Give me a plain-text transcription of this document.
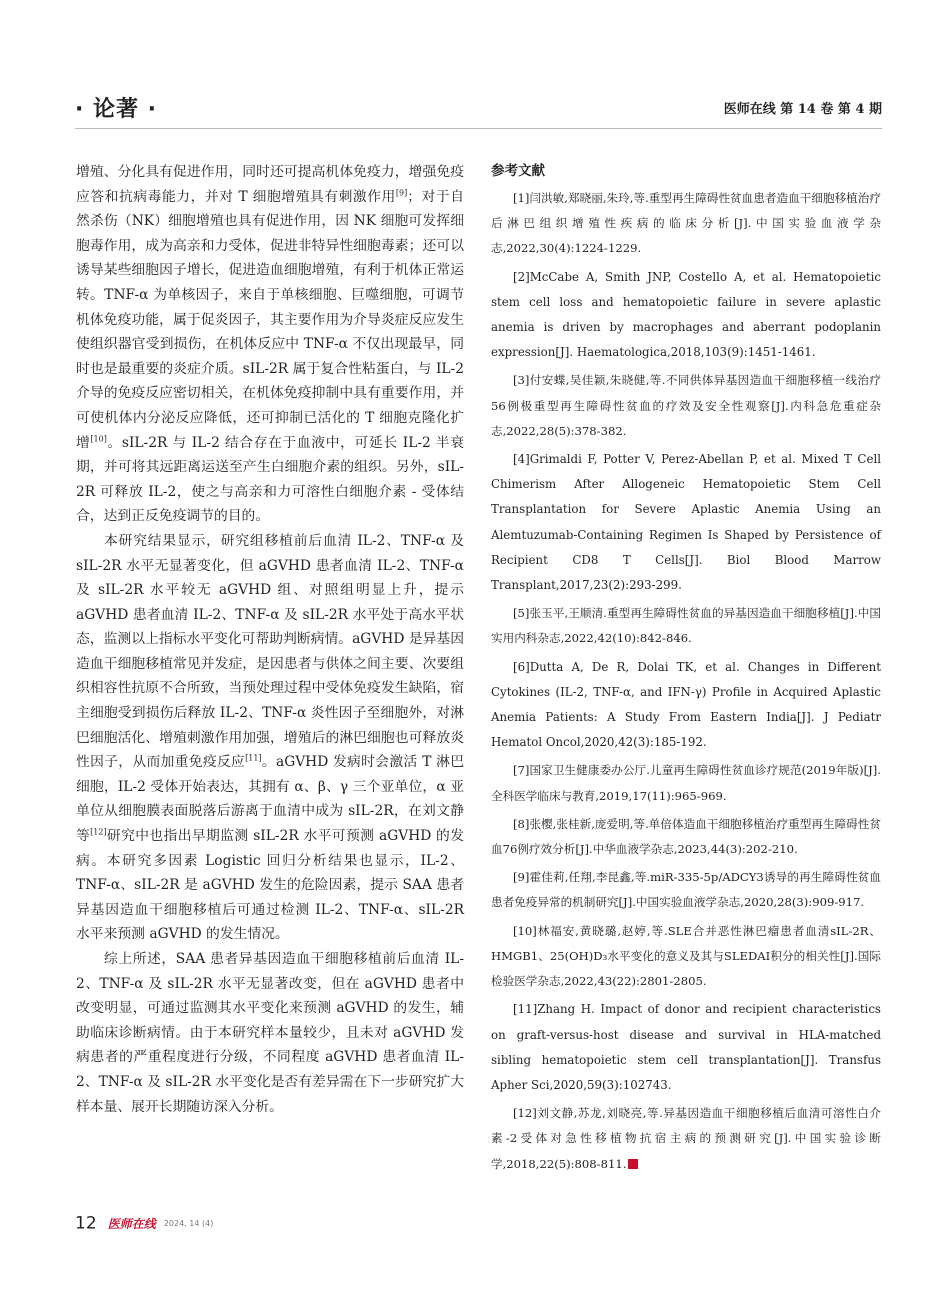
· 论著 ·	医师在线 第 14 卷 第 4 期

增殖、分化具有促进作用，同时还可提高机体免疫力，增强免疫应答和抗病毒能力，并对 T 细胞增殖具有刺激作用[9]；对于自然杀伤（NK）细胞增殖也具有促进作用，因 NK 细胞可发挥细胞毒作用，成为高亲和力受体，促进非特异性细胞毒素；还可以诱导某些细胞因子增长，促进造血细胞增殖，有利于机体正常运转。TNF-α 为单核因子，来自于单核细胞、巨噬细胞，可调节机体免疫功能，属于促炎因子，其主要作用为介导炎症反应发生使组织器官受到损伤，在机体反应中 TNF-α 不仅出现最早，同时也是最重要的炎症介质。sIL-2R 属于复合性粘蛋白，与 IL-2 介导的免疫反应密切相关，在机体免疫抑制中具有重要作用，并可使机体内分泌反应降低，还可抑制已活化的 T 细胞克隆化扩增[10]。sIL-2R 与 IL-2 结合存在于血液中，可延长 IL-2 半衰期，并可将其远距离运送至产生白细胞介素的组织。另外，sIL-2R 可释放 IL-2，使之与高亲和力可溶性白细胞介素 - 受体结合，达到正反免疫调节的目的。

本研究结果显示，研究组移植前后血清 IL-2、TNF-α 及 sIL-2R 水平无显著变化，但 aGVHD 患者血清 IL-2、TNF-α 及 sIL-2R 水平较无 aGVHD 组、对照组明显上升，提示 aGVHD 患者血清 IL-2、TNF-α 及 sIL-2R 水平处于高水平状态，监测以上指标水平变化可帮助判断病情。aGVHD 是异基因造血干细胞移植常见并发症，是因患者与供体之间主要、次要组织相容性抗原不合所致，当预处理过程中受体免疫发生缺陷，宿主细胞受到损伤后释放 IL-2、TNF-α 炎性因子至细胞外，对淋巴细胞活化、增殖刺激作用加强，增殖后的淋巴细胞也可释放炎性因子，从而加重免疫反应[11]。aGVHD 发病时会激活 T 淋巴细胞，IL-2 受体开始表达，其拥有 α、β、γ 三个亚单位，α 亚单位从细胞膜表面脱落后游离于血清中成为 sIL-2R，在刘文静等[12]研究中也指出早期监测 sIL-2R 水平可预测 aGVHD 的发病。本研究多因素 Logistic 回归分析结果也显示，IL-2、TNF-α、sIL-2R 是 aGVHD 发生的危险因素，提示 SAA 患者异基因造血干细胞移植后可通过检测 IL-2、TNF-α、sIL-2R 水平来预测 aGVHD 的发生情况。

综上所述，SAA 患者异基因造血干细胞移植前后血清 IL-2、TNF-α 及 sIL-2R 水平无显著改变，但在 aGVHD 患者中改变明显，可通过监测其水平变化来预测 aGVHD 的发生，辅助临床诊断病情。由于本研究样本量较少，且未对 aGVHD 发病患者的严重程度进行分级，不同程度 aGVHD 患者血清 IL-2、TNF-α 及 sIL-2R 水平变化是否有差异需在下一步研究扩大样本量、展开长期随访深入分析。

参考文献
[1]闫洪敏,郑晓丽,朱玲,等.重型再生障碍性贫血患者造血干细胞移植治疗后淋巴组织增殖性疾病的临床分析[J].中国实验血液学杂志,2022,30(4):1224-1229.
[2]McCabe A, Smith JNP, Costello A, et al. Hematopoietic stem cell loss and hematopoietic failure in severe aplastic anemia is driven by macrophages and aberrant podoplanin expression[J]. Haematologica,2018,103(9):1451-1461.
[3]付安蝶,吴佳颖,朱晓健,等.不同供体异基因造血干细胞移植一线治疗56例极重型再生障碍性贫血的疗效及安全性观察[J].内科急危重症杂志,2022,28(5):378-382.
[4]Grimaldi F, Potter V, Perez-Abellan P, et al. Mixed T Cell Chimerism After Allogeneic Hematopoietic Stem Cell Transplantation for Severe Aplastic Anemia Using an Alemtuzumab-Containing Regimen Is Shaped by Persistence of Recipient CD8 T Cells[J]. Biol Blood Marrow Transplant,2017,23(2):293-299.
[5]张玉平,王顺清.重型再生障碍性贫血的异基因造血干细胞移植[J].中国实用内科杂志,2022,42(10):842-846.
[6]Dutta A, De R, Dolai TK, et al. Changes in Different Cytokines (IL-2, TNF-α, and IFN-γ) Profile in Acquired Aplastic Anemia Patients: A Study From Eastern India[J]. J Pediatr Hematol Oncol,2020,42(3):185-192.
[7]国家卫生健康委办公厅.儿童再生障碍性贫血诊疗规范(2019年版)[J].全科医学临床与教育,2019,17(11):965-969.
[8]张樱,张桂新,庞爱明,等.单倍体造血干细胞移植治疗重型再生障碍性贫血76例疗效分析[J].中华血液学杂志,2023,44(3):202-210.
[9]霍佳莉,任翔,李昆鑫,等.miR-335-5p/ADCY3诱导的再生障碍性贫血患者免疫异常的机制研究[J].中国实验血液学杂志,2020,28(3):909-917.
[10]林福安,黄晓璐,赵婷,等.SLE合并恶性淋巴瘤患者血清sIL-2R、HMGB1、25(OH)D₃水平变化的意义及其与SLEDAI积分的相关性[J].国际检验医学杂志,2022,43(22):2801-2805.
[11]Zhang H. Impact of donor and recipient characteristics on graft-versus-host disease and survival in HLA-matched sibling hematopoietic stem cell transplantation[J]. Transfus Apher Sci,2020,59(3):102743.
[12]刘文静,苏龙,刘晓亮,等.异基因造血干细胞移植后血清可溶性白介素-2受体对急性移植物抗宿主病的预测研究[J].中国实验诊断学,2018,22(5):808-811.
12 医师在线 2024, 14 (4)
